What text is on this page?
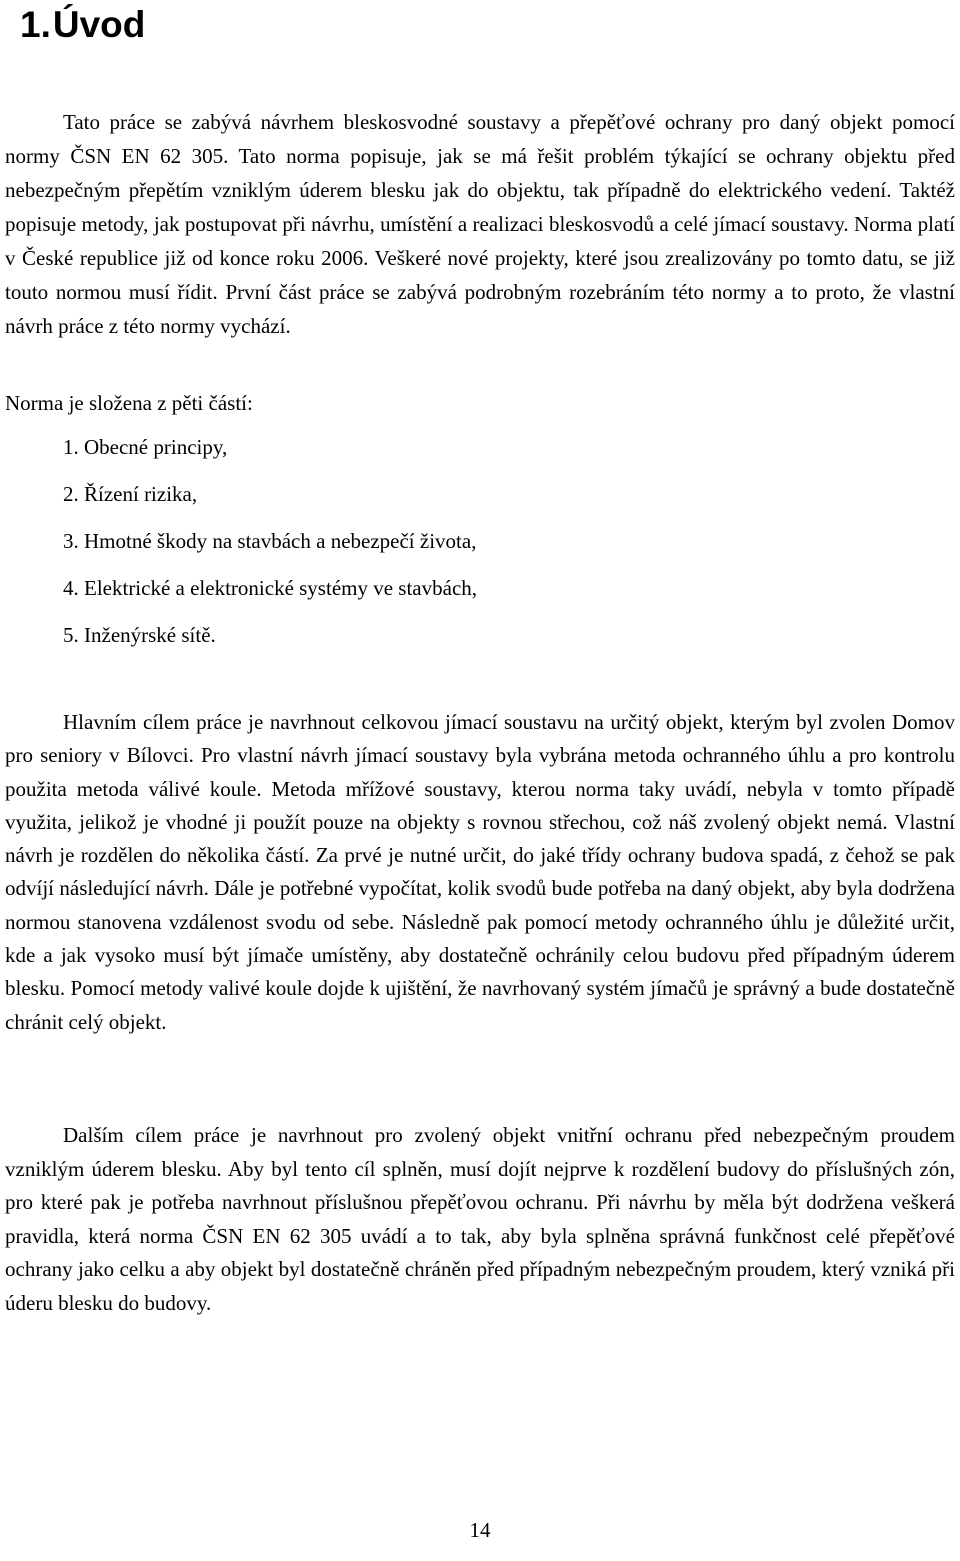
1.Úvod

Tato práce se zabývá návrhem bleskosvodné soustavy a přepěťové ochrany pro daný objekt pomocí normy ČSN EN 62 305. Tato norma popisuje, jak se má řešit problém týkající se ochrany objektu před nebezpečným přepětím vzniklým úderem blesku jak do objektu, tak případně do elektrického vedení. Taktéž popisuje metody, jak postupovat při návrhu, umístění a realizaci bleskosvodů a celé jímací soustavy. Norma platí v České republice již od konce roku 2006. Veškeré nové projekty, které jsou zrealizovány po tomto datu, se již touto normou musí řídit. První část práce se zabývá podrobným rozebráním této normy a to proto, že vlastní návrh práce z této normy vychází.

Norma je složena z pěti částí:

1. Obecné principy,
2. Řízení rizika,
3. Hmotné škody na stavbách a nebezpečí života,
4. Elektrické a elektronické systémy ve stavbách,
5. Inženýrské sítě.

Hlavním cílem práce je navrhnout celkovou jímací soustavu na určitý objekt, kterým byl zvolen Domov pro seniory v Bílovci. Pro vlastní návrh jímací soustavy byla vybrána metoda ochranného úhlu a pro kontrolu použita metoda válivé koule. Metoda mřížové soustavy, kterou norma taky uvádí, nebyla v tomto případě využita, jelikož je vhodné ji použít pouze na objekty s rovnou střechou, což náš zvolený objekt nemá. Vlastní návrh je rozdělen do několika částí. Za prvé je nutné určit, do jaké třídy ochrany budova spadá, z čehož se pak odvíjí následující návrh. Dále je potřebné vypočítat, kolik svodů bude potřeba na daný objekt, aby byla dodržena normou stanovena vzdálenost svodu od sebe. Následně pak pomocí metody ochranného úhlu je důležité určit, kde a jak vysoko musí být jímače umístěny, aby dostatečně ochránily celou budovu před případným úderem blesku. Pomocí metody valivé koule dojde k ujištění, že navrhovaný systém jímačů je správný a bude dostatečně chránit celý objekt.

Dalším cílem práce je navrhnout pro zvolený objekt vnitřní ochranu před nebezpečným proudem vzniklým úderem blesku. Aby byl tento cíl splněn, musí dojít nejprve k rozdělení budovy do příslušných zón, pro které pak je potřeba navrhnout příslušnou přepěťovou ochranu. Při návrhu by měla být dodržena veškerá pravidla, která norma ČSN EN 62 305 uvádí a to tak, aby byla splněna správná funkčnost celé přepěťové ochrany jako celku a aby objekt byl dostatečně chráněn před případným nebezpečným proudem, který vzniká při úderu blesku do budovy.

14
